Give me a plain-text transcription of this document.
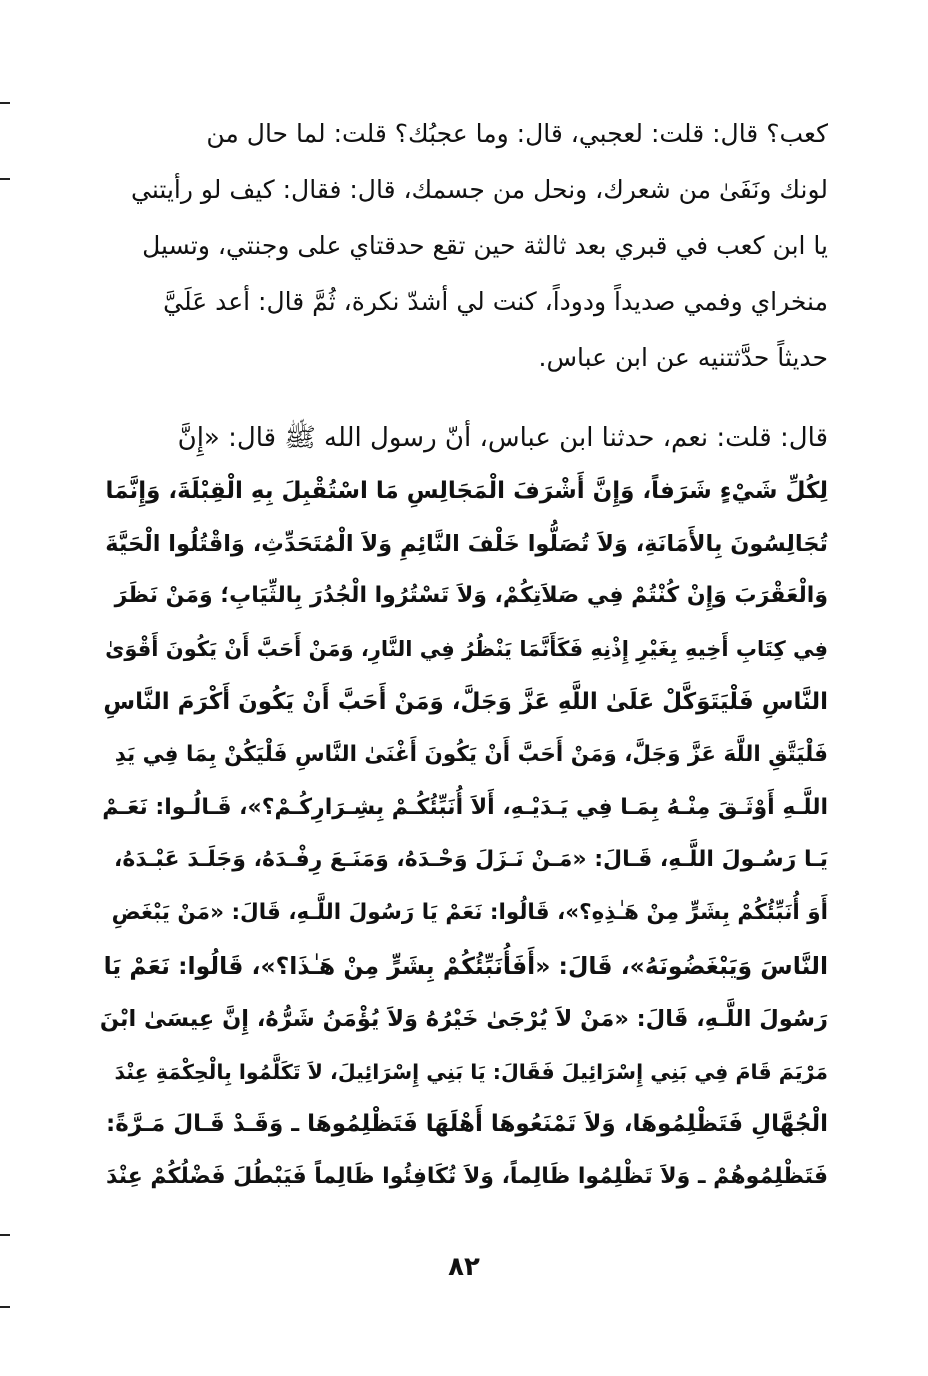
كعب؟ قال: قلت: لعجبي، قال: وما عجبُك؟ قلت: لما حال من
لونك ونَفَىٰ من شعرك، ونحل من جسمك، قال: فقال: كيف لو رأيتني
يا ابن كعب في قبري بعد ثالثة حين تقع حدقتاي على وجنتي، وتسيل
منخراي وفمي صديداً ودوداً، كنت لي أشدّ نكرة، ثُمَّ قال: أعد عَلَيَّ
حديثاً حدَّثتنيه عن ابن عباس.
قال: قلت: نعم، حدثنا ابن عباس، أنّ رسول الله ﷺ قال: «إِنَّ
لِكُلِّ شَيْءٍ شَرَفاً، وَإِنَّ أَشْرَفَ الْمَجَالِسِ مَا اسْتُقْبِلَ بِهِ الْقِبْلَةَ، وَإِنَّمَا
تُجَالِسُونَ بِالأَمَانَةِ، وَلاَ تُصَلُّوا خَلْفَ النَّائِمِ وَلاَ الْمُتَحَدِّثِ، وَاقْتُلُوا الْحَيَّةَ
وَالْعَقْرَبَ وَإِنْ كُنْتُمْ فِي صَلاَتِكُمْ، وَلاَ تَسْتُرُوا الْجُدُرَ بِالثِّيَابِ؛ وَمَنْ نَظَرَ
فِي كِتَابِ أَخِيهِ بِغَيْرِ إِذْنِهِ فَكَأَنَّمَا يَنْظُرُ فِي النَّارِ، وَمَنْ أَحَبَّ أَنْ يَكُونَ أَقْوَىٰ
النَّاسِ فَلْيَتَوَكَّلْ عَلَىٰ اللَّهِ عَزَّ وَجَلَّ، وَمَنْ أَحَبَّ أَنْ يَكُونَ أَكْرَمَ النَّاسِ
فَلْيَتَّقِ اللَّهَ عَزَّ وَجَلَّ، وَمَنْ أَحَبَّ أَنْ يَكُونَ أَغْنَىٰ النَّاسِ فَلْيَكُنْ بِمَا فِي يَدِ
اللَّـهِ أَوْثَـقَ مِنْـهُ بِمَـا فِي يَـدَيْـهِ، أَلاَ أُنَبِّئُكُـمْ بِشِـرَارِكُـمْ؟»، قَـالُـوا: نَعَـمْ
يَـا رَسُـولَ اللَّـهِ، قَـالَ: «مَـنْ نَـزَلَ وَحْـدَهُ، وَمَنَـعَ رِفْـدَهُ، وَجَلَـدَ عَبْـدَهُ،
أَوَ أُنَبِّئُكُمْ بِشَرٍّ مِنْ هَـٰذِهِ؟»، قَالُوا: نَعَمْ يَا رَسُولَ اللَّـهِ، قَالَ: «مَنْ يَبْغَضِ
النَّاسَ وَيَبْغَضُونَهُ»، قَالَ: «أَفَأُنَبِّئُكُمْ بِشَرٍّ مِنْ هَـٰذَا؟»، قَالُوا: نَعَمْ يَا
رَسُولَ اللَّـهِ، قَالَ: «مَنْ لاَ يُرْجَىٰ خَيْرُهُ وَلاَ يُؤْمَنُ شَرُّهُ، إِنَّ عِيسَىٰ ابْنَ
مَرْيَمَ قَامَ فِي بَنِي إِسْرَائِيلَ فَقَالَ: يَا بَنِي إِسْرَائِيلَ، لاَ تَكَلَّمُوا بِالْحِكْمَةِ عِنْدَ
الْجُهَّالِ فَتَظْلِمُوهَا، وَلاَ تَمْنَعُوهَا أَهْلَهَا فَتَظْلِمُوهَا ـ وَقَـدْ قَـالَ مَـرَّةً:
فَتَظْلِمُوهُمْ ـ وَلاَ تَظْلِمُوا ظَالِماً، وَلاَ تُكَافِئُوا ظَالِماً فَيَبْطُلَ فَضْلُكُمْ عِنْدَ
٨٢
